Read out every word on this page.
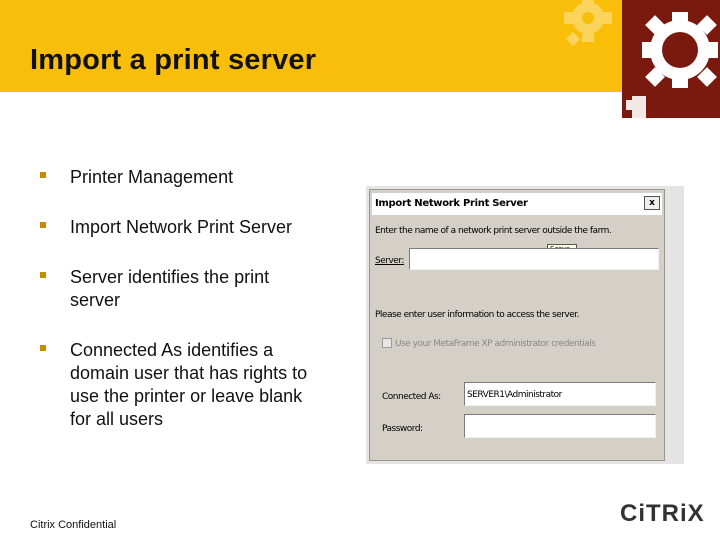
Import a print server
Printer Management
Import Network Print Server
Server identifies the print server
Connected As identifies a domain user that has rights to use the printer or leave blank for all users
Import Network Print Server	x
Enter the name of a network print server outside the farm.
Server:
Please enter user information to access the server.
Use your MetaFrame XP administrator credentials
Connected As:	SERVER1\Administrator
Password:
Citrix Confidential	CiTRiX
